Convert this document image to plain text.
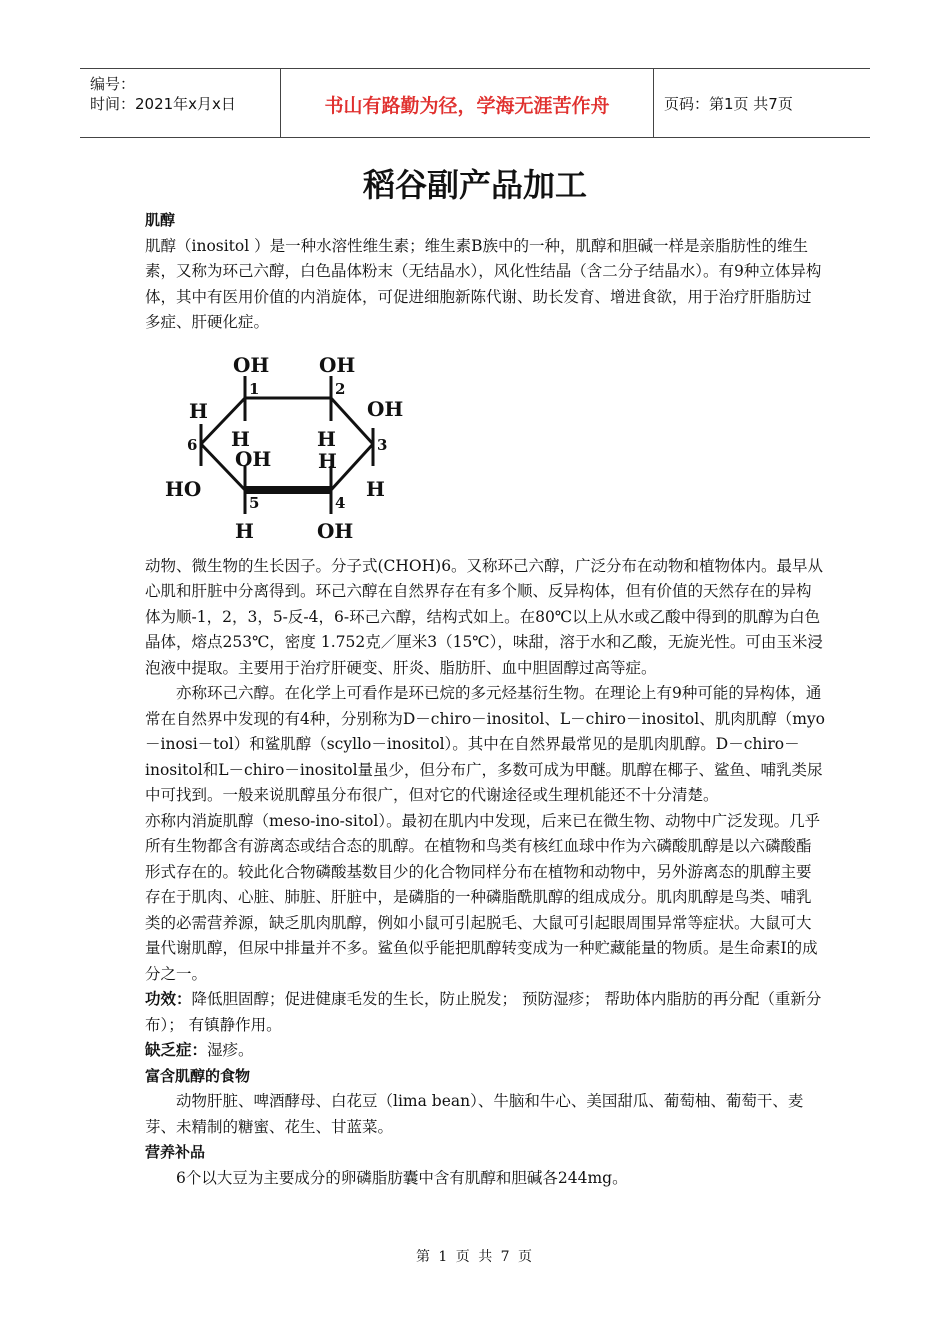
编号：
时间：2021年x月x日	书山有路勤为径，学海无涯苦作舟	页码：第1页 共7页
稻谷副产品加工

肌醇

肌醇（inositol ）是一种水溶性维生素；维生素B族中的一种，肌醇和胆碱一样是亲脂肪性的维生素，又称为环己六醇，白色晶体粉末（无结晶水），风化性结晶（含二分子结晶水）。有9种立体异构体，其中有医用价值的内消旋体，可促进细胞新陈代谢、助长发育、增进食欲，用于治疗肝脂肪过多症、肝硬化症。

OH OH
OH
OH
HO
OH
H	H
H
H
H
H
1	2
3
4
5
6

动物、微生物的生长因子。分子式(CHOH)6。又称环己六醇，广泛分布在动物和植物体内。最早从心肌和肝脏中分离得到。环己六醇在自然界存在有多个顺、反异构体，但有价值的天然存在的异构体为顺-1，2，3，5-反-4，6-环己六醇，结构式如上。在80℃以上从水或乙酸中得到的肌醇为白色晶体，熔点253℃，密度 1.752克／厘米3（15℃），味甜，溶于水和乙酸，无旋光性。可由玉米浸泡液中提取。主要用于治疗肝硬变、肝炎、脂肪肝、血中胆固醇过高等症。

亦称环己六醇。在化学上可看作是环已烷的多元烃基衍生物。在理论上有9种可能的异构体，通常在自然界中发现的有4种，分别称为D－chiro－inositol、L－chiro－inositol、肌肉肌醇（myo－inosi－tol）和鲨肌醇（scyllo－inositol）。其中在自然界最常见的是肌肉肌醇。D－chiro－inositol和L－chiro－inositol量虽少，但分布广，多数可成为甲醚。肌醇在椰子、鲨鱼、哺乳类尿中可找到。一般来说肌醇虽分布很广，但对它的代谢途径或生理机能还不十分清楚。

亦称内消旋肌醇（meso-ino-sitol）。最初在肌内中发现，后来已在微生物、动物中广泛发现。几乎所有生物都含有游离态或结合态的肌醇。在植物和鸟类有核红血球中作为六磷酸肌醇是以六磷酸酯形式存在的。较此化合物磷酸基数目少的化合物同样分布在植物和动物中，另外游离态的肌醇主要存在于肌肉、心脏、肺脏、肝脏中，是磷脂的一种磷脂酰肌醇的组成成分。肌肉肌醇是鸟类、哺乳类的必需营养源，缺乏肌肉肌醇，例如小鼠可引起脱毛、大鼠可引起眼周围异常等症状。大鼠可大量代谢肌醇，但尿中排量并不多。鲨鱼似乎能把肌醇转变成为一种贮藏能量的物质。是生命素I的成分之一。

功效：降低胆固醇；促进健康毛发的生长，防止脱发； 预防湿疹； 帮助体内脂肪的再分配（重新分布）； 有镇静作用。

缺乏症：湿疹。

富含肌醇的食物

动物肝脏、啤酒酵母、白花豆（lima bean）、牛脑和牛心、美国甜瓜、葡萄柚、葡萄干、麦芽、未精制的糖蜜、花生、甘蓝菜。

营养补品

6个以大豆为主要成分的卵磷脂肪囊中含有肌醇和胆碱各244mg。

第 1 页 共 7 页
